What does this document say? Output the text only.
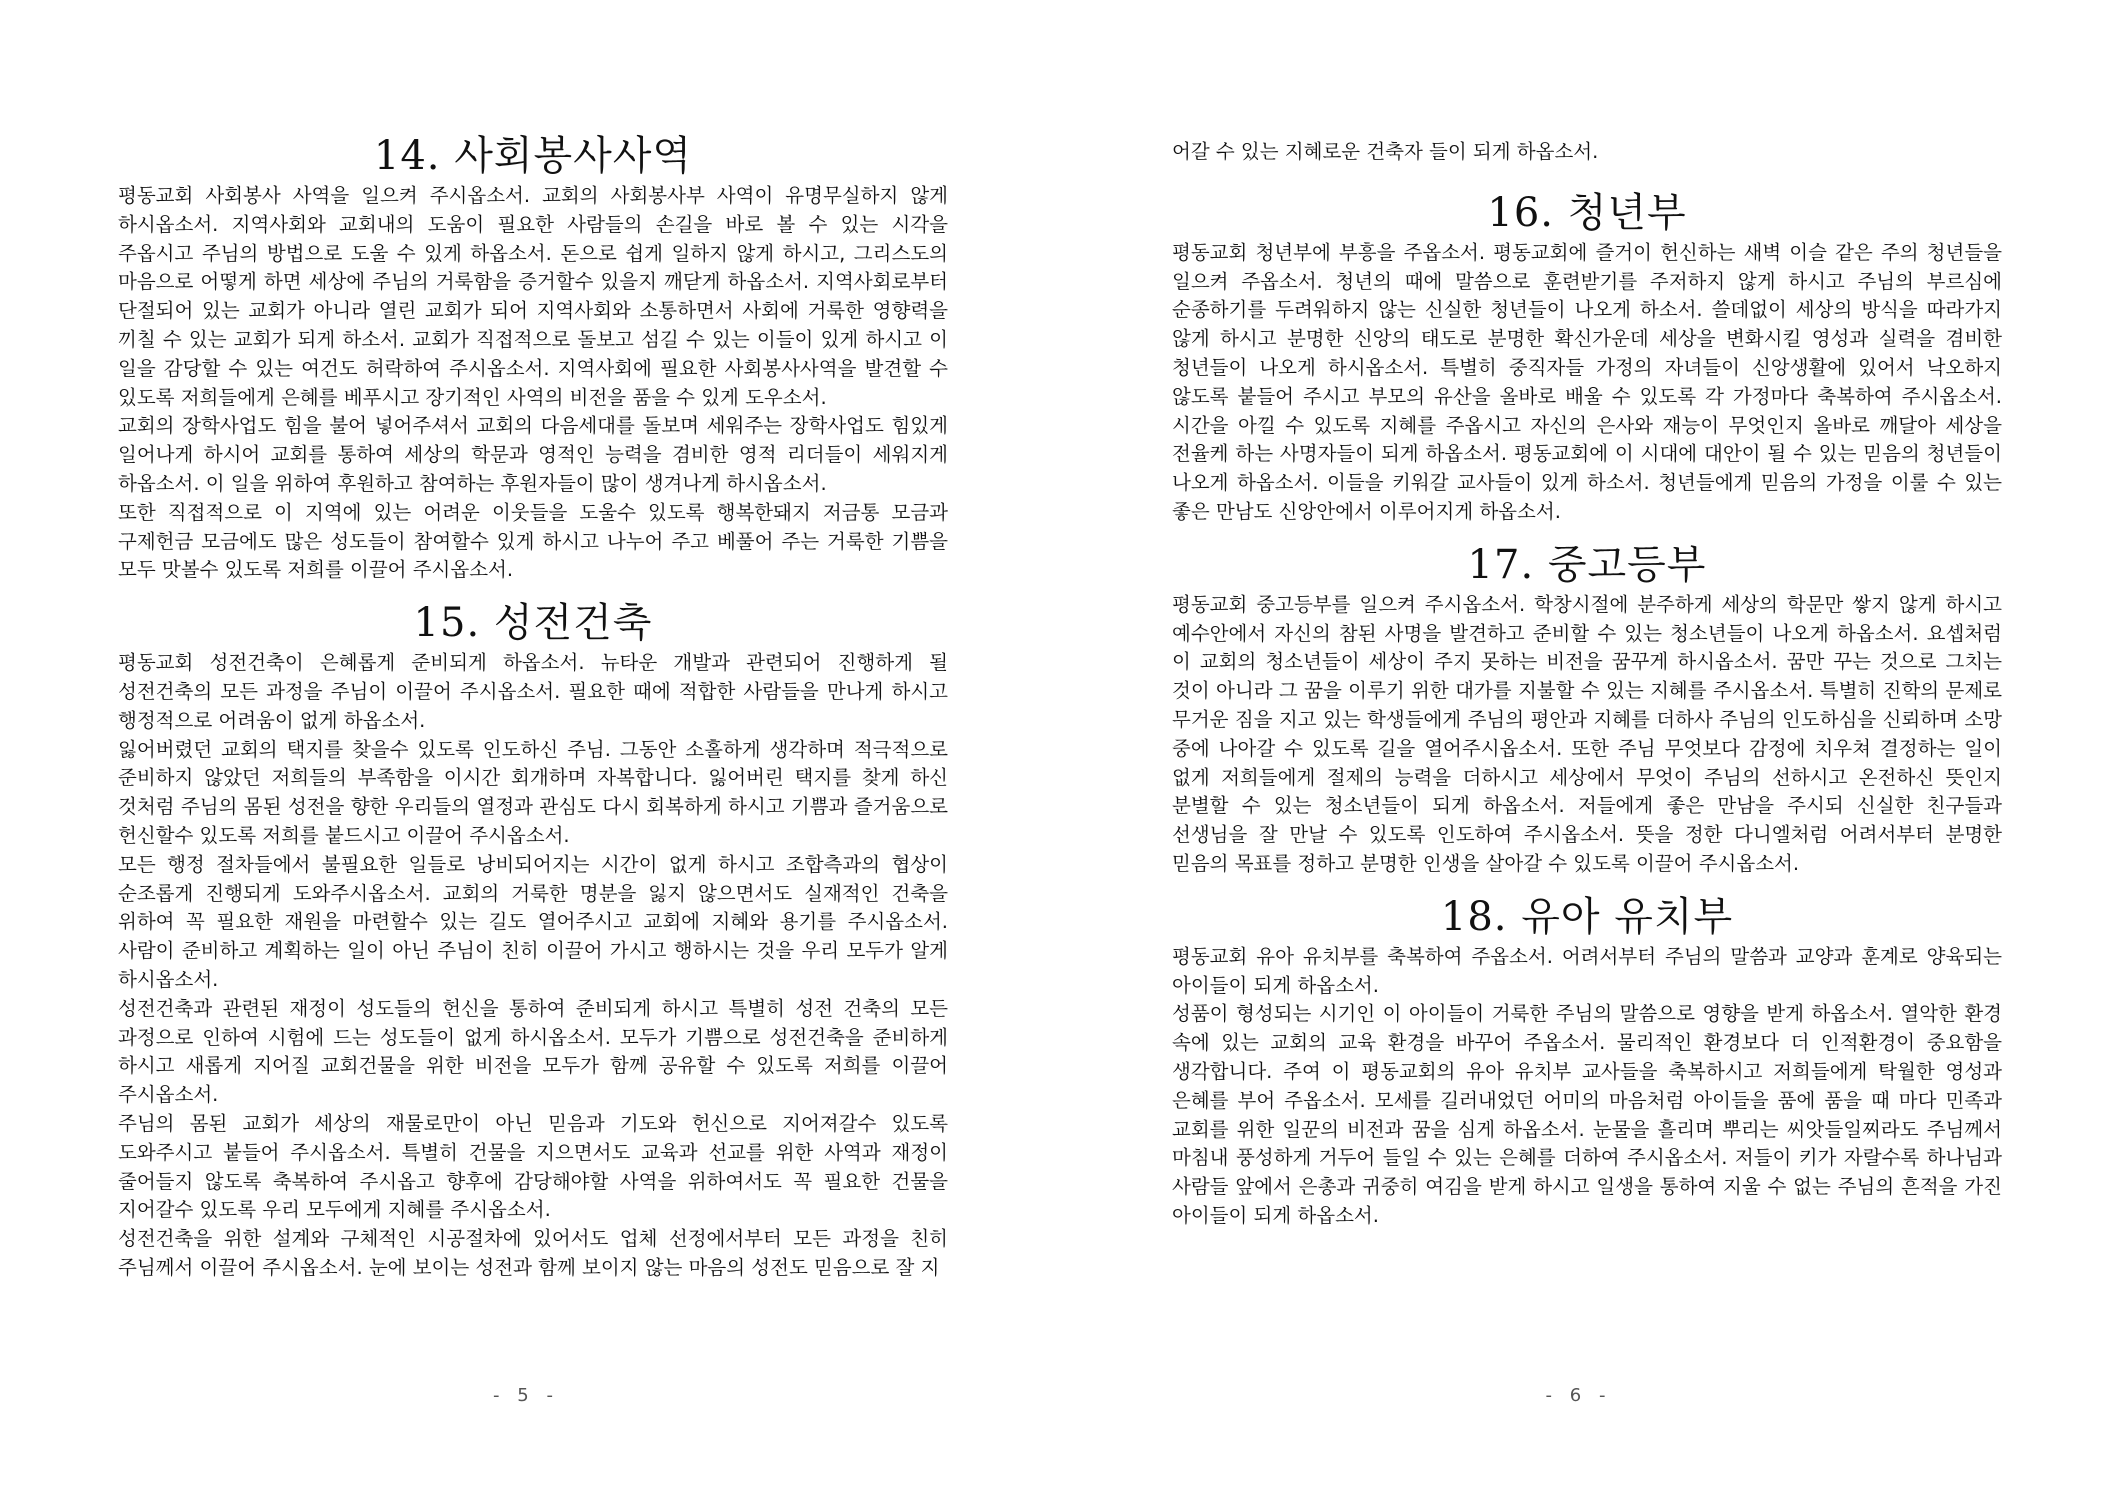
14. 사회봉사사역

평동교회 사회봉사 사역을 일으켜 주시옵소서. 교회의 사회봉사부 사역이 유명무실하지 않게 하시옵소서. 지역사회와 교회내의 도움이 필요한 사람들의 손길을 바로 볼 수 있는 시각을 주옵시고 주님의 방법으로 도울 수 있게 하옵소서. 돈으로 쉽게 일하지 않게 하시고, 그리스도의 마음으로 어떻게 하면 세상에 주님의 거룩함을 증거할수 있을지 깨닫게 하옵소서. 지역사회로부터 단절되어 있는 교회가 아니라 열린 교회가 되어 지역사회와 소통하면서 사회에 거룩한 영향력을 끼칠 수 있는 교회가 되게 하소서. 교회가 직접적으로 돌보고 섬길 수 있는 이들이 있게 하시고 이 일을 감당할 수 있는 여건도 허락하여 주시옵소서. 지역사회에 필요한 사회봉사사역을 발견할 수 있도록 저희들에게 은혜를 베푸시고 장기적인 사역의 비전을 품을 수 있게 도우소서.

교회의 장학사업도 힘을 불어 넣어주셔서 교회의 다음세대를 돌보며 세워주는 장학사업도 힘있게 일어나게 하시어 교회를 통하여 세상의 학문과 영적인 능력을 겸비한 영적 리더들이 세워지게 하옵소서. 이 일을 위하여 후원하고 참여하는 후원자들이 많이 생겨나게 하시옵소서.

또한 직접적으로 이 지역에 있는 어려운 이웃들을 도울수 있도록 행복한돼지 저금통 모금과 구제헌금 모금에도 많은 성도들이 참여할수 있게 하시고 나누어 주고 베풀어 주는 거룩한 기쁨을 모두 맛볼수 있도록 저희를 이끌어 주시옵소서.

15. 성전건축

평동교회 성전건축이 은혜롭게 준비되게 하옵소서. 뉴타운 개발과 관련되어 진행하게 될 성전건축의 모든 과정을 주님이 이끌어 주시옵소서. 필요한 때에 적합한 사람들을 만나게 하시고 행정적으로 어려움이 없게 하옵소서.

잃어버렸던 교회의 택지를 찾을수 있도록 인도하신 주님. 그동안 소홀하게 생각하며 적극적으로 준비하지 않았던 저희들의 부족함을 이시간 회개하며 자복합니다. 잃어버린 택지를 찾게 하신 것처럼 주님의 몸된 성전을 향한 우리들의 열정과 관심도 다시 회복하게 하시고 기쁨과 즐거움으로 헌신할수 있도록 저희를 붙드시고 이끌어 주시옵소서.

모든 행정 절차들에서 불필요한 일들로 낭비되어지는 시간이 없게 하시고 조합측과의 협상이 순조롭게 진행되게 도와주시옵소서. 교회의 거룩한 명분을 잃지 않으면서도 실재적인 건축을 위하여 꼭 필요한 재원을 마련할수 있는 길도 열어주시고 교회에 지혜와 용기를 주시옵소서. 사람이 준비하고 계획하는 일이 아닌 주님이 친히 이끌어 가시고 행하시는 것을 우리 모두가 알게 하시옵소서.

성전건축과 관련된 재정이 성도들의 헌신을 통하여 준비되게 하시고 특별히 성전 건축의 모든 과정으로 인하여 시험에 드는 성도들이 없게 하시옵소서. 모두가 기쁨으로 성전건축을 준비하게 하시고 새롭게 지어질 교회건물을 위한 비전을 모두가 함께 공유할 수 있도록 저희를 이끌어 주시옵소서.

주님의 몸된 교회가 세상의 재물로만이 아닌 믿음과 기도와 헌신으로 지어져갈수 있도록 도와주시고 붙들어 주시옵소서. 특별히 건물을 지으면서도 교육과 선교를 위한 사역과 재정이 줄어들지 않도록 축복하여 주시옵고 향후에 감당해야할 사역을 위하여서도 꼭 필요한 건물을 지어갈수 있도록 우리 모두에게 지혜를 주시옵소서.

성전건축을 위한 설계와 구체적인 시공절차에 있어서도 업체 선정에서부터 모든 과정을 친히 주님께서 이끌어 주시옵소서. 눈에 보이는 성전과 함께 보이지 않는 마음의 성전도 믿음으로 잘 지

- 5 -

어갈 수 있는 지혜로운 건축자 들이 되게 하옵소서.

16. 청년부

평동교회 청년부에 부흥을 주옵소서. 평동교회에 즐거이 헌신하는 새벽 이슬 같은 주의 청년들을 일으켜 주옵소서. 청년의 때에 말씀으로 훈련받기를 주저하지 않게 하시고 주님의 부르심에 순종하기를 두려워하지 않는 신실한 청년들이 나오게 하소서. 쓸데없이 세상의 방식을 따라가지 않게 하시고 분명한 신앙의 태도로 분명한 확신가운데 세상을 변화시킬 영성과 실력을 겸비한 청년들이 나오게 하시옵소서. 특별히 중직자들 가정의 자녀들이 신앙생활에 있어서 낙오하지 않도록 붙들어 주시고 부모의 유산을 올바로 배울 수 있도록 각 가정마다 축복하여 주시옵소서. 시간을 아낄 수 있도록 지혜를 주옵시고 자신의 은사와 재능이 무엇인지 올바로 깨달아 세상을 전율케 하는 사명자들이 되게 하옵소서. 평동교회에 이 시대에 대안이 될 수 있는 믿음의 청년들이 나오게 하옵소서. 이들을 키워갈 교사들이 있게 하소서. 청년들에게 믿음의 가정을 이룰 수 있는 좋은 만남도 신앙안에서 이루어지게 하옵소서.

17. 중고등부

평동교회 중고등부를 일으켜 주시옵소서. 학창시절에 분주하게 세상의 학문만 쌓지 않게 하시고 예수안에서 자신의 참된 사명을 발견하고 준비할 수 있는 청소년들이 나오게 하옵소서. 요셉처럼 이 교회의 청소년들이 세상이 주지 못하는 비전을 꿈꾸게 하시옵소서. 꿈만 꾸는 것으로 그치는 것이 아니라 그 꿈을 이루기 위한 대가를 지불할 수 있는 지혜를 주시옵소서. 특별히 진학의 문제로 무거운 짐을 지고 있는 학생들에게 주님의 평안과 지혜를 더하사 주님의 인도하심을 신뢰하며 소망 중에 나아갈 수 있도록 길을 열어주시옵소서. 또한 주님 무엇보다 감정에 치우쳐 결정하는 일이 없게 저희들에게 절제의 능력을 더하시고 세상에서 무엇이 주님의 선하시고 온전하신 뜻인지 분별할 수 있는 청소년들이 되게 하옵소서. 저들에게 좋은 만남을 주시되 신실한 친구들과 선생님을 잘 만날 수 있도록 인도하여 주시옵소서. 뜻을 정한 다니엘처럼 어려서부터 분명한 믿음의 목표를 정하고 분명한 인생을 살아갈 수 있도록 이끌어 주시옵소서.

18. 유아 유치부

평동교회 유아 유치부를 축복하여 주옵소서. 어려서부터 주님의 말씀과 교양과 훈계로 양육되는 아이들이 되게 하옵소서.

성품이 형성되는 시기인 이 아이들이 거룩한 주님의 말씀으로 영향을 받게 하옵소서. 열악한 환경 속에 있는 교회의 교육 환경을 바꾸어 주옵소서. 물리적인 환경보다 더 인적환경이 중요함을 생각합니다. 주여 이 평동교회의 유아 유치부 교사들을 축복하시고 저희들에게 탁월한 영성과 은혜를 부어 주옵소서. 모세를 길러내었던 어미의 마음처럼 아이들을 품에 품을 때 마다 민족과 교회를 위한 일꾼의 비전과 꿈을 심게 하옵소서. 눈물을 흘리며 뿌리는 씨앗들일찌라도 주님께서 마침내 풍성하게 거두어 들일 수 있는 은혜를 더하여 주시옵소서. 저들이 키가 자랄수록 하나님과 사람들 앞에서 은총과 귀중히 여김을 받게 하시고 일생을 통하여 지울 수 없는 주님의 흔적을 가진 아이들이 되게 하옵소서.

- 6 -
